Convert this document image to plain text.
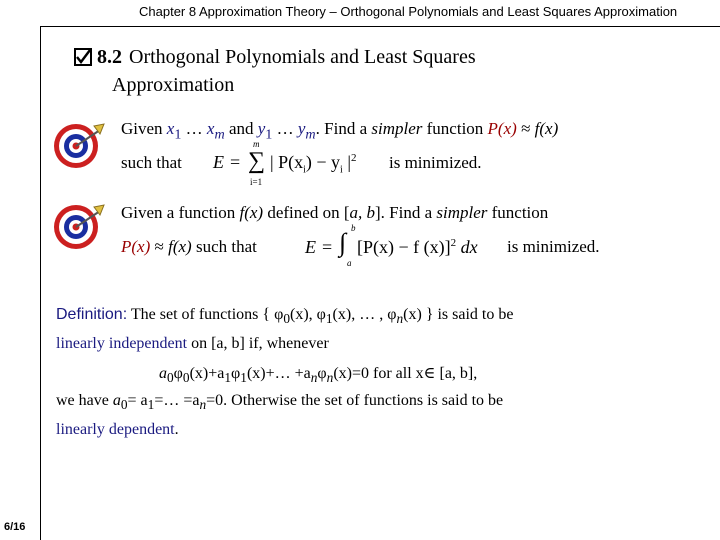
Chapter 8 Approximation Theory – Orthogonal Polynomials and Least Squares Approximation
8.2 Orthogonal Polynomials and Least Squares
Approximation
Given $x_1$ … $x_m$ and $y_1$ … $y_m$. Find a simpler function P(x) ≈ f(x)
such that E =
m
∑
i=1
| $P(x_i) - y_i$ $|^2$ is minimized.
Given a function f(x) defined on [a, b]. Find a simpler function
P(x) ≈ f(x) such that	E = ∫ b
a
[P(x) − f (x)]$^2$ dx is minimized.
Definition: The set of functions { $\varphi_0(x)$, $\varphi_1(x)$, … , $\varphi_n(x)$ } is said to be
linearly independent on [a, b] if, whenever
$a_0\varphi_0(x)+a_1\varphi_1(x)+\dots +a_n\varphi_n(x)=0$ for all x∈ [a, b],
we have $a_0=$ $a_1=\dots =a_n=0$. Otherwise the set of functions is said to be
linearly dependent.
6/16
